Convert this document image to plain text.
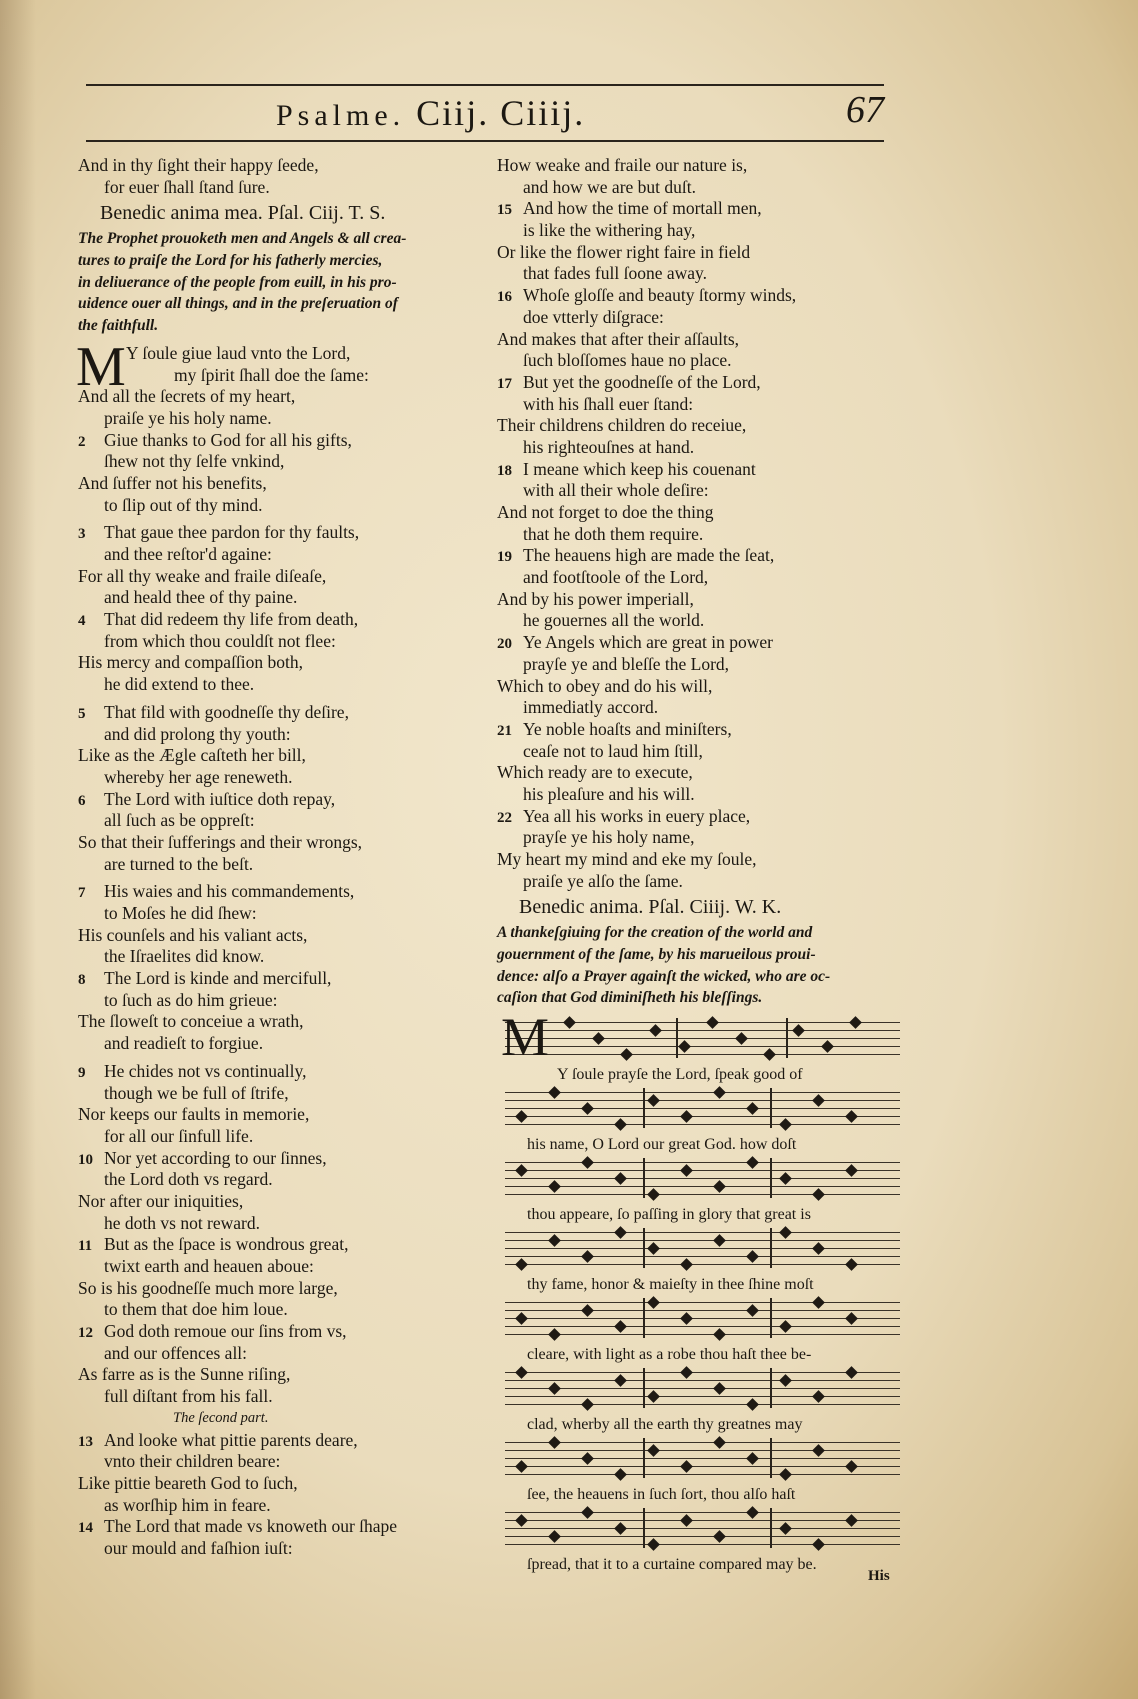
Psalme. Ciij. Ciiij.	67
And in thy ſight their happy ſeede,
for euer ſhall ſtand ſure.
Benedic anima mea. Pſal. Ciij. T. S.
The Prophet prouoketh men and Angels & all crea-
tures to praiſe the Lord for his fatherly mercies,
in deliuerance of the people from euill, in his pro-
uidence ouer all things, and in the preſeruation of
the faithfull.
M Y ſoule giue laud vnto the Lord,
my ſpirit ſhall doe the ſame:
And all the ſecrets of my heart,
praiſe ye his holy name.
2 Giue thanks to God for all his gifts,
ſhew not thy ſelfe vnkind,
And ſuffer not his benefits,
to ſlip out of thy mind.
3 That gaue thee pardon for thy faults,
and thee reſtor'd againe:
For all thy weake and fraile diſeaſe,
and heald thee of thy paine.
4 That did redeem thy life from death,
from which thou couldſt not flee:
His mercy and compaſſion both,
he did extend to thee.
5 That fild with goodneſſe thy deſire,
and did prolong thy youth:
Like as the Ægle caſteth her bill,
whereby her age reneweth.
6 The Lord with iuſtice doth repay,
all ſuch as be oppreſt:
So that their ſufferings and their wrongs,
are turned to the beſt.
7 His waies and his commandements,
to Moſes he did ſhew:
His counſels and his valiant acts,
the Iſraelites did know.
8 The Lord is kinde and mercifull,
to ſuch as do him grieue:
The ſloweſt to conceiue a wrath,
and readieſt to forgiue.
9 He chides not vs continually,
though we be full of ſtrife,
Nor keeps our faults in memorie,
for all our ſinfull life.
10 Nor yet according to our ſinnes,
the Lord doth vs regard.
Nor after our iniquities,
he doth vs not reward.
11 But as the ſpace is wondrous great,
twixt earth and heauen aboue:
So is his goodneſſe much more large,
to them that doe him loue.
12 God doth remoue our ſins from vs,
and our offences all:
As farre as is the Sunne riſing,
full diſtant from his fall.
The ſecond part.
13 And looke what pittie parents deare,
vnto their children beare:
Like pittie beareth God to ſuch,
as worſhip him in feare.
14 The Lord that made vs knoweth our ſhape
our mould and faſhion iuſt:
How weake and fraile our nature is,
and how we are but duſt.
15 And how the time of mortall men,
is like the withering hay,
Or like the flower right faire in field
that fades full ſoone away.
16 Whoſe gloſſe and beauty ſtormy winds,
doe vtterly diſgrace:
And makes that after their aſſaults,
ſuch bloſſomes haue no place.
17 But yet the goodneſſe of the Lord,
with his ſhall euer ſtand:
Their childrens children do receiue,
his righteouſnes at hand.
18 I meane which keep his couenant
with all their whole deſire:
And not forget to doe the thing
that he doth them require.
19 The heauens high are made the ſeat,
and footſtoole of the Lord,
And by his power imperiall,
he gouernes all the world.
20 Ye Angels which are great in power
prayſe ye and bleſſe the Lord,
Which to obey and do his will,
immediatly accord.
21 Ye noble hoaſts and miniſters,
ceaſe not to laud him ſtill,
Which ready are to execute,
his pleaſure and his will.
22 Yea all his works in euery place,
prayſe ye his holy name,
My heart my mind and eke my ſoule,
praiſe ye alſo the ſame.
Benedic anima. Pſal. Ciiij. W. K.
A thankeſgiuing for the creation of the world and
gouernment of the ſame, by his marueilous proui-
dence: alſo a Prayer againſt the wicked, who are oc-
caſion that God diminiſheth his bleſſings.
M
Y ſoule prayſe the Lord, ſpeak good of
his name, O Lord our great God. how doſt
thou appeare, ſo paſſing in glory that great is
thy fame, honor & maieſty in thee ſhine moſt
cleare, with light as a robe thou haſt thee be-
clad, wherby all the earth thy greatnes may
ſee, the heauens in ſuch ſort, thou alſo haſt
ſpread, that it to a curtaine compared may be.
His
